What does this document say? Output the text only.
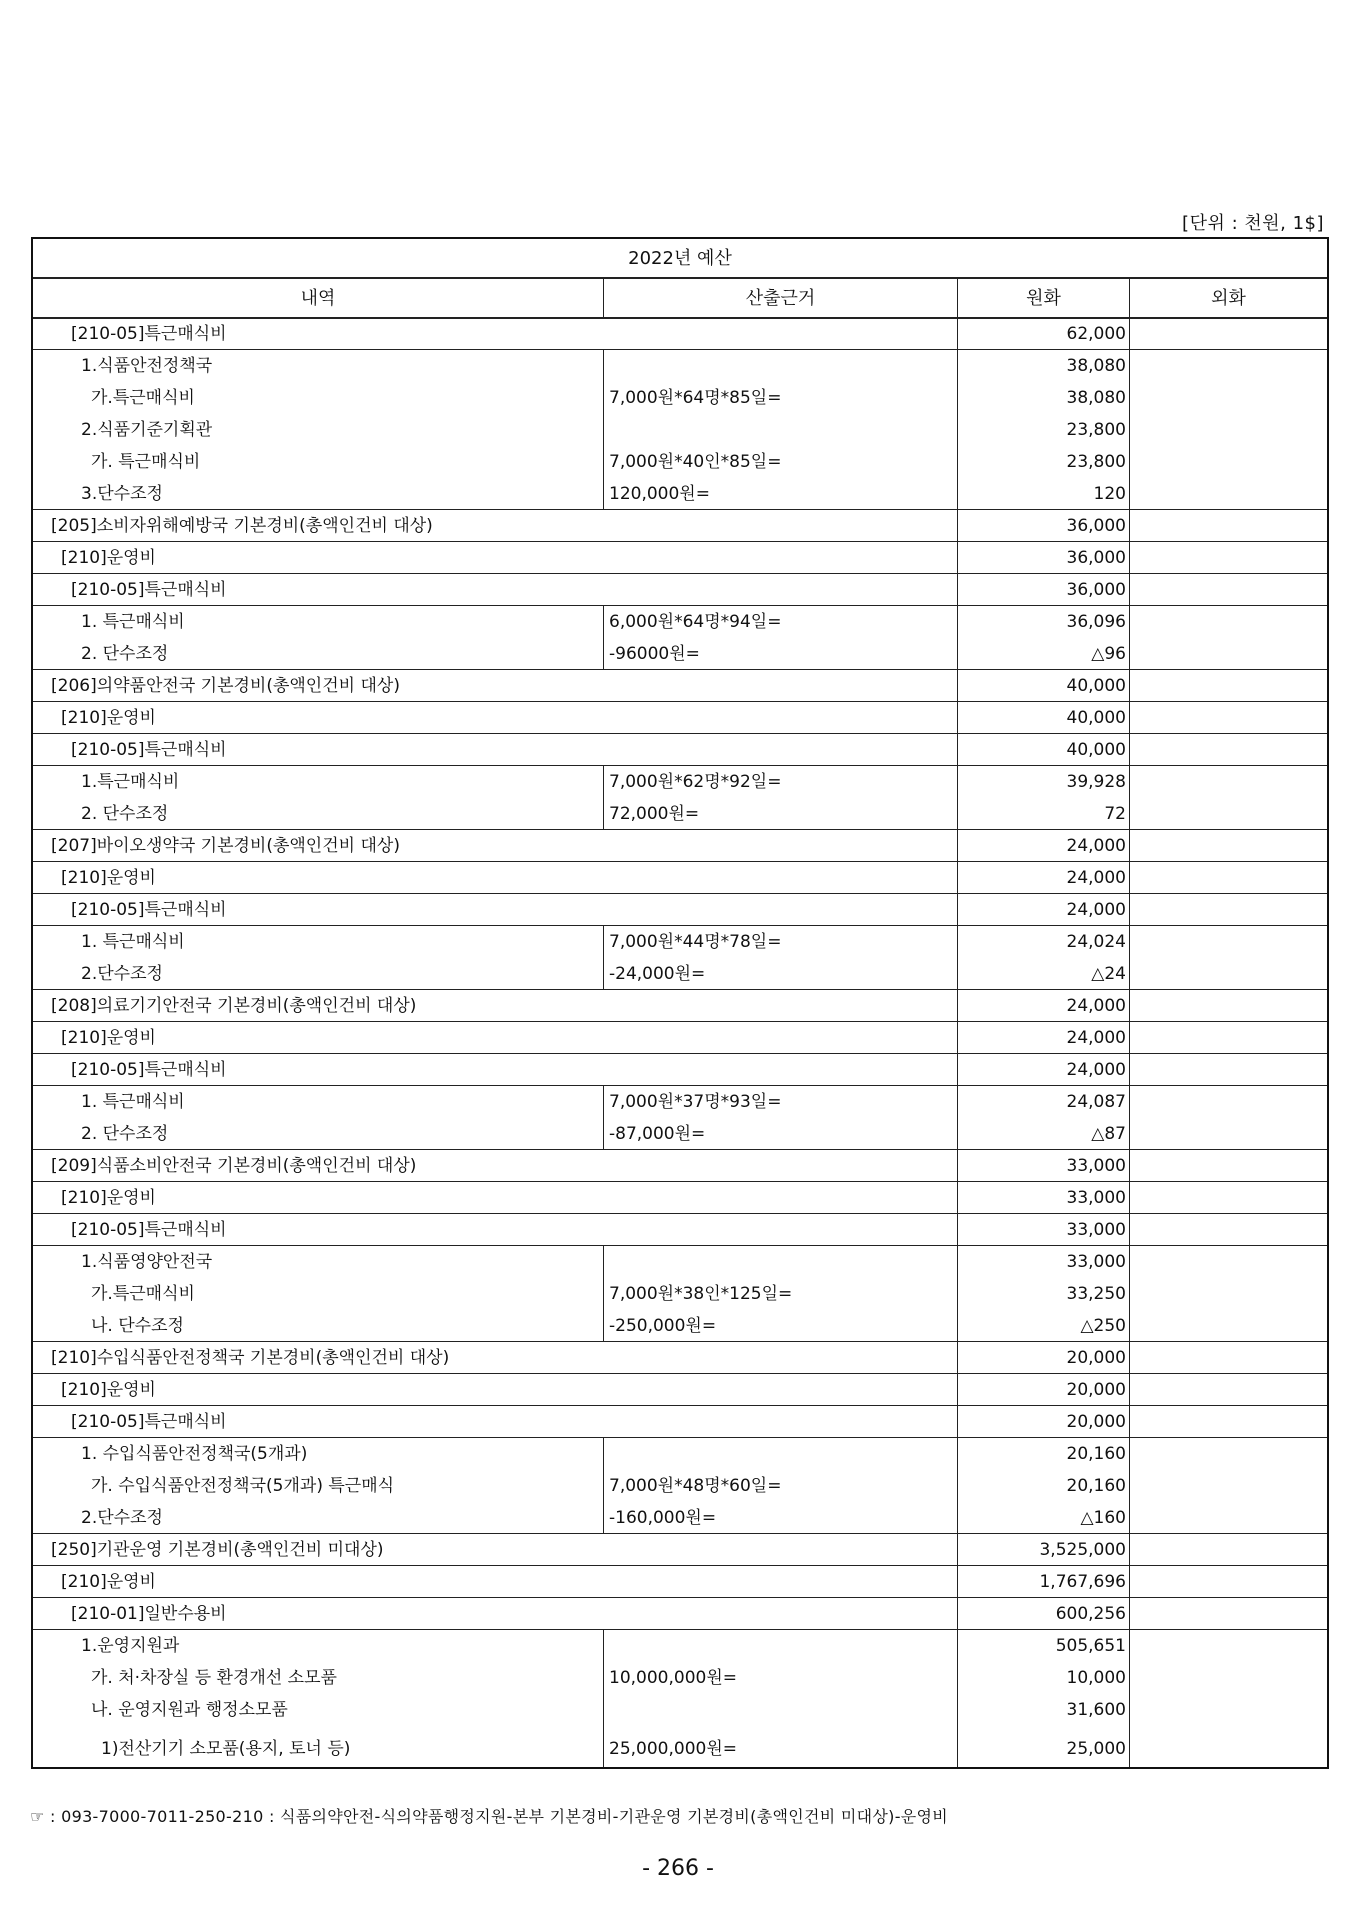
[단위 : 천원, 1$]
2022년 예산
내역	산출근거	원화	외화
[210-05]특근매식비	62,000
1.식품안전정책국	38,080
가.특근매식비	7,000원*64명*85일=	38,080
2.식품기준기획관	23,800
가. 특근매식비	7,000원*40인*85일=	23,800
3.단수조정	120,000원=	120
[205]소비자위해예방국 기본경비(총액인건비 대상)	36,000
[210]운영비	36,000
[210-05]특근매식비	36,000
1. 특근매식비	6,000원*64명*94일=	36,096
2. 단수조정	-96000원=	△96
[206]의약품안전국 기본경비(총액인건비 대상)	40,000
[210]운영비	40,000
[210-05]특근매식비	40,000
1.특근매식비	7,000원*62명*92일=	39,928
2. 단수조정	72,000원=	72
[207]바이오생약국 기본경비(총액인건비 대상)	24,000
[210]운영비	24,000
[210-05]특근매식비	24,000
1. 특근매식비	7,000원*44명*78일=	24,024
2.단수조정	-24,000원=	△24
[208]의료기기안전국 기본경비(총액인건비 대상)	24,000
[210]운영비	24,000
[210-05]특근매식비	24,000
1. 특근매식비	7,000원*37명*93일=	24,087
2. 단수조정	-87,000원=	△87
[209]식품소비안전국 기본경비(총액인건비 대상)	33,000
[210]운영비	33,000
[210-05]특근매식비	33,000
1.식품영양안전국	33,000
가.특근매식비	7,000원*38인*125일=	33,250
나. 단수조정	-250,000원=	△250
[210]수입식품안전정책국 기본경비(총액인건비 대상)	20,000
[210]운영비	20,000
[210-05]특근매식비	20,000
1. 수입식품안전정책국(5개과)	20,160
가. 수입식품안전정책국(5개과) 특근매식	7,000원*48명*60일=	20,160
2.단수조정	-160,000원=	△160
[250]기관운영 기본경비(총액인건비 미대상)	3,525,000
[210]운영비	1,767,696
[210-01]일반수용비	600,256
1.운영지원과	505,651
가. 처·차장실 등 환경개선 소모품	10,000,000원=	10,000
나. 운영지원과 행정소모품	31,600
1)전산기기 소모품(용지, 토너 등)	25,000,000원=	25,000
☞ : 093-7000-7011-250-210 : 식품의약안전-식의약품행정지원-본부 기본경비-기관운영 기본경비(총액인건비 미대상)-운영비
- 266 -
